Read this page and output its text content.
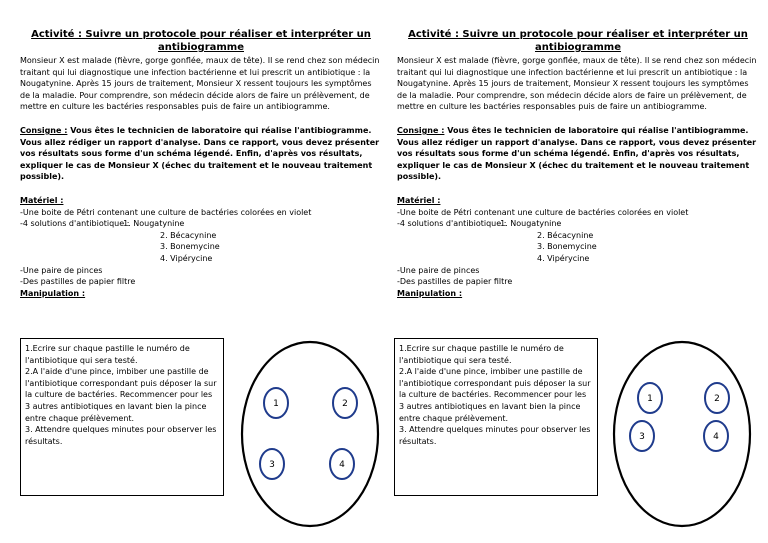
Activité : Suivre un protocole pour réaliser et interpréter un antibiogramme

Monsieur X est malade (fièvre, gorge gonflée, maux de tête). Il se rend chez son médecin traitant qui lui diagnostique une infection bactérienne et lui prescrit un antibiotique : la Nougatynine. Après 15 jours de traitement, Monsieur X ressent toujours les symptômes de la maladie. Pour comprendre, son médecin décide alors de faire un prélèvement, de mettre en culture les bactéries responsables puis de faire un antibiogramme.

Consigne : Vous êtes le technicien de laboratoire qui réalise l'antibiogramme. Vous allez rédiger un rapport d'analyse. Dans ce rapport, vous devez présenter vos résultats sous forme d'un schéma légendé. Enfin, d'après vos résultats, expliquer le cas de Monsieur X (échec du traitement et le nouveau traitement possible).

Matériel :

-Une boite de Pétri contenant une culture de bactéries colorées en violet

-4 solutions d'antibiotique :  1. Nougatynine

2. Bécacynine

3. Bonemycine

4. Vipérycine

-Une paire de pinces

-Des pastilles de papier filtre

Manipulation :

1.Ecrire sur chaque pastille le numéro de l'antibiotique qui sera testé.

2.A l'aide d'une pince, imbiber une pastille de l'antibiotique correspondant puis déposer la sur la culture de bactéries. Recommencer pour les 3 autres antibiotiques en lavant bien la pince entre chaque prélèvement.

3. Attendre quelques minutes pour observer les résultats.

1	2
3	4

Activité : Suivre un protocole pour réaliser et interpréter un antibiogramme

Monsieur X est malade (fièvre, gorge gonflée, maux de tête). Il se rend chez son médecin traitant qui lui diagnostique une infection bactérienne et lui prescrit un antibiotique : la Nougatynine. Après 15 jours de traitement, Monsieur X ressent toujours les symptômes de la maladie. Pour comprendre, son médecin décide alors de faire un prélèvement, de mettre en culture les bactéries responsables puis de faire un antibiogramme.

Consigne : Vous êtes le technicien de laboratoire qui réalise l'antibiogramme. Vous allez rédiger un rapport d'analyse. Dans ce rapport, vous devez présenter vos résultats sous forme d'un schéma légendé. Enfin, d'après vos résultats, expliquer le cas de Monsieur X (échec du traitement et le nouveau traitement possible).

Matériel :

-Une boite de Pétri contenant une culture de bactéries colorées en violet

-4 solutions d'antibiotique :  1. Nougatynine

2. Bécacynine

3. Bonemycine

4. Vipérycine

-Une paire de pinces

-Des pastilles de papier filtre

Manipulation :

1.Ecrire sur chaque pastille le numéro de l'antibiotique qui sera testé.

2.A l'aide d'une pince, imbiber une pastille de l'antibiotique correspondant puis déposer la sur la culture de bactéries. Recommencer pour les 3 autres antibiotiques en lavant bien la pince entre chaque prélèvement.

3. Attendre quelques minutes pour observer les résultats.

1	2
3	4
